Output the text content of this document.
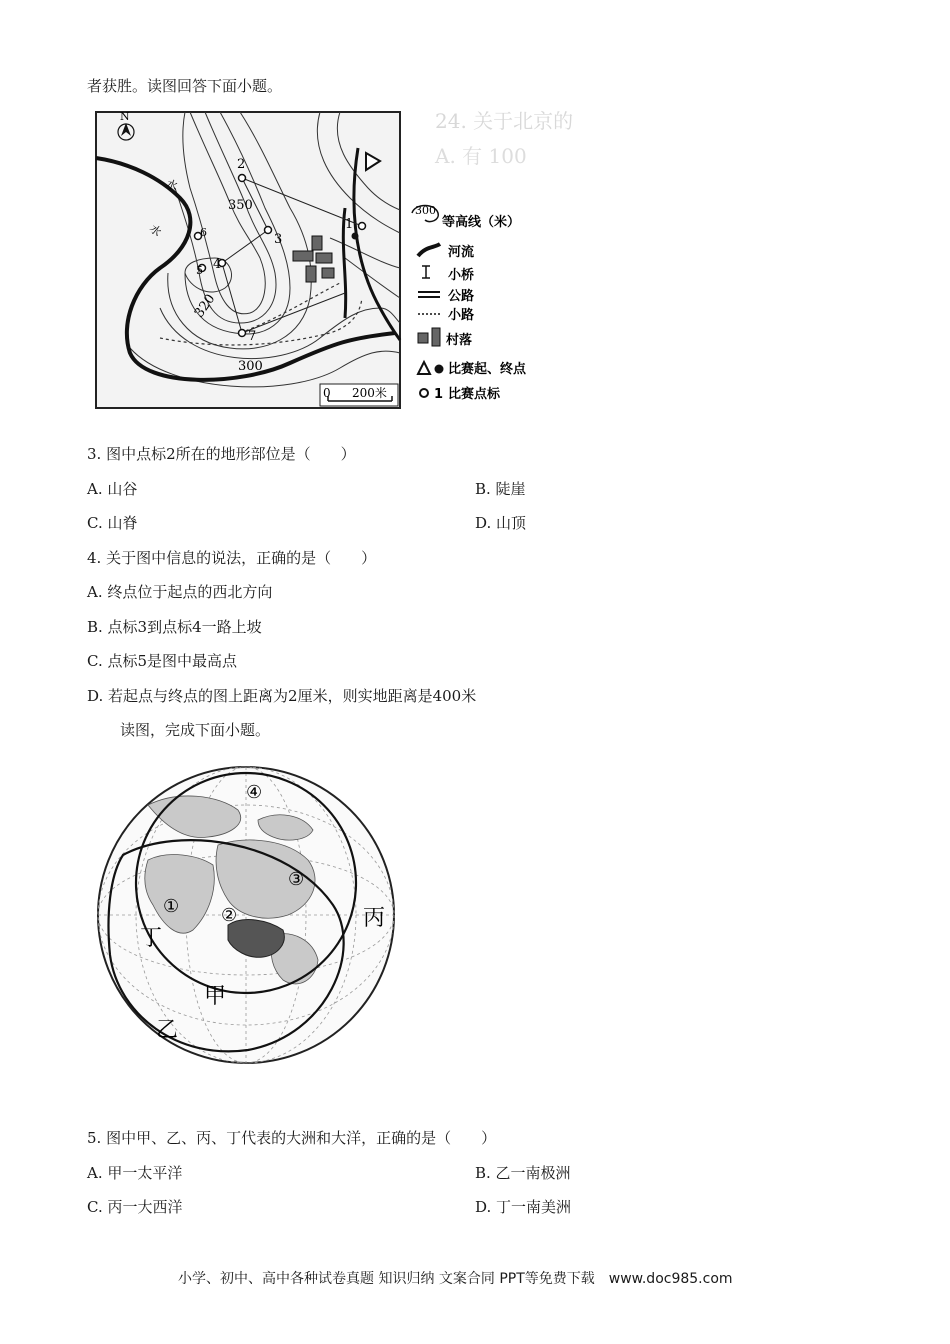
者获胜。读图回答下面小题。
24. 关于北京的
A. 有 100
N
2
1
3
4
5
6
7
350
320
300
水
水
0 200米
300
等高线（米）
河流
小桥
公路
小路
村落
比赛起、终点
1 比赛点标
3. 图中点标2所在的地形部位是（　　）
A. 山谷	B. 陡崖
C. 山脊	D. 山顶
4. 关于图中信息的说法，正确的是（　　）
A. 终点位于起点的西北方向
B. 点标3到点标4一路上坡
C. 点标5是图中最高点
D. 若起点与终点的图上距离为2厘米，则实地距离是400米
读图，完成下面小题。
④
③
① ②	丙
丁
甲
乙
5. 图中甲、乙、丙、丁代表的大洲和大洋，正确的是（　　）
A. 甲一太平洋	B. 乙一南极洲
C. 丙一大西洋	D. 丁一南美洲
小学、初中、高中各种试卷真题 知识归纳 文案合同 PPT等免费下载　www.doc985.com
